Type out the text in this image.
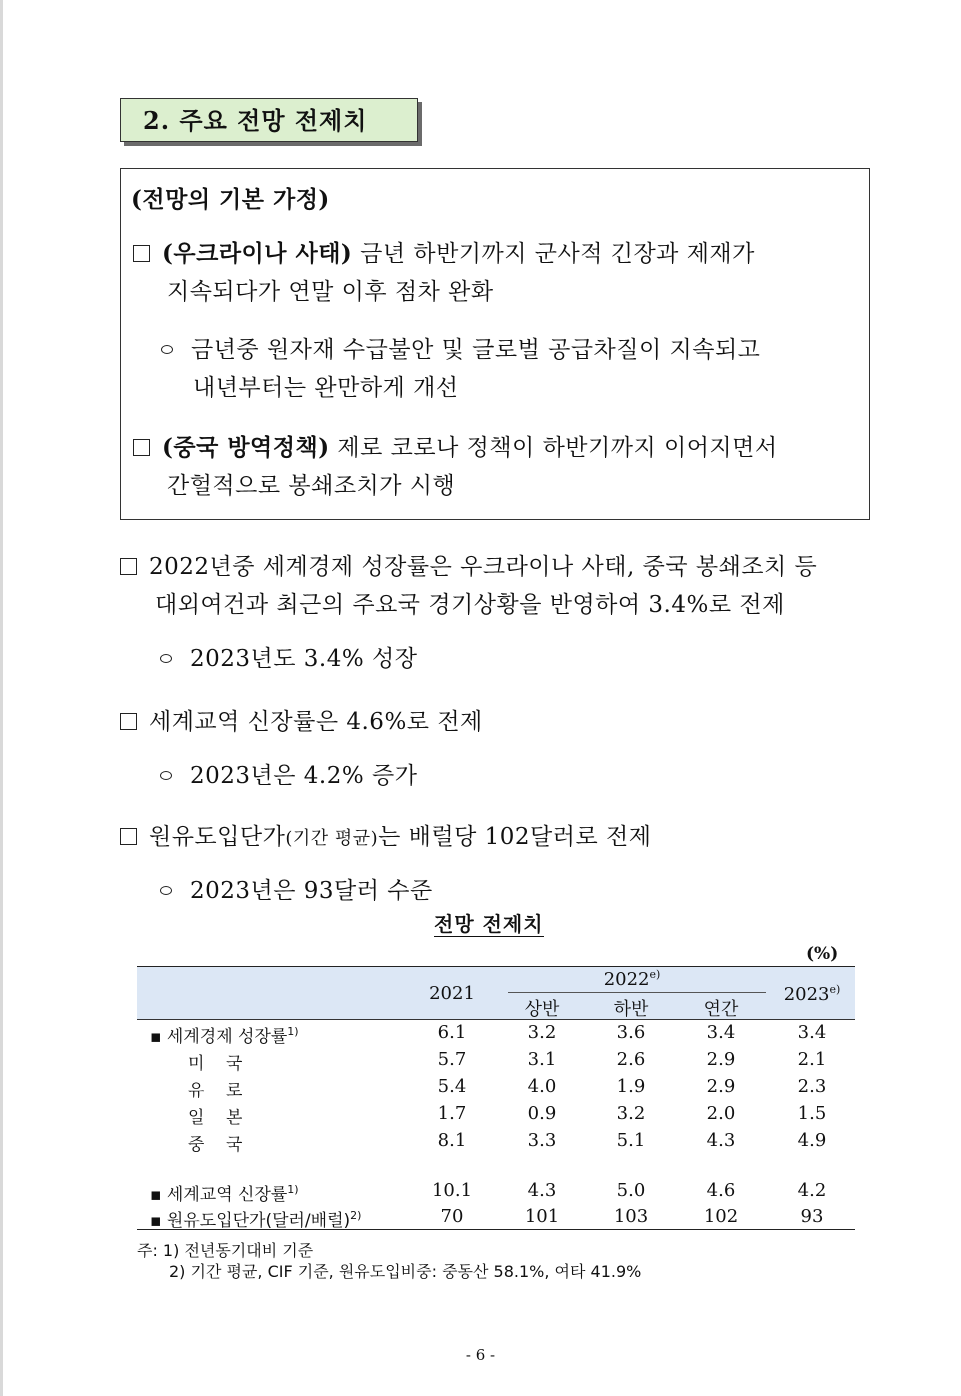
2. 주요 전망 전제치
(전망의 기본 가정)
(우크라이나 사태) 금년 하반기까지 군사적 긴장과 제재가
지속되다가 연말 이후 점차 완화
금년중 원자재 수급불안 및 글로벌 공급차질이 지속되고
내년부터는 완만하게 개선
(중국 방역정책) 제로 코로나 정책이 하반기까지 이어지면서
간헐적으로 봉쇄조치가 시행
2022년중 세계경제 성장률은 우크라이나 사태, 중국 봉쇄조치 등
대외여건과 최근의 주요국 경기상황을 반영하여 3.4%로 전제
2023년도 3.4% 성장
세계교역 신장률은 4.6%로 전제
2023년은 4.2% 증가
원유도입단가(기간 평균)는 배럴당 102달러로 전제
2023년은 93달러 수준
전망 전제치
(%)
2021
2022$^{e)}$
상반	하반	연간
2023$^{e)}$
▪ 세계경제 성장률$^{1)}$	6.1	3.2	3.6	3.4	3.4
미    국	5.7	3.1	2.6	2.9	2.1
유    로	5.4	4.0	1.9	2.9	2.3
일    본	1.7	0.9	3.2	2.0	1.5
중    국	8.1	3.3	5.1	4.3	4.9
▪ 세계교역 신장률$^{1)}$	10.1	4.3	5.0	4.6	4.2
▪ 원유도입단가(달러/배럴)$^{2)}$	70	101	103	102	93
주: 1) 전년동기대비 기준
2) 기간 평균, CIF 기준, 원유도입비중: 중동산 58.1%, 여타 41.9%
- 6 -
